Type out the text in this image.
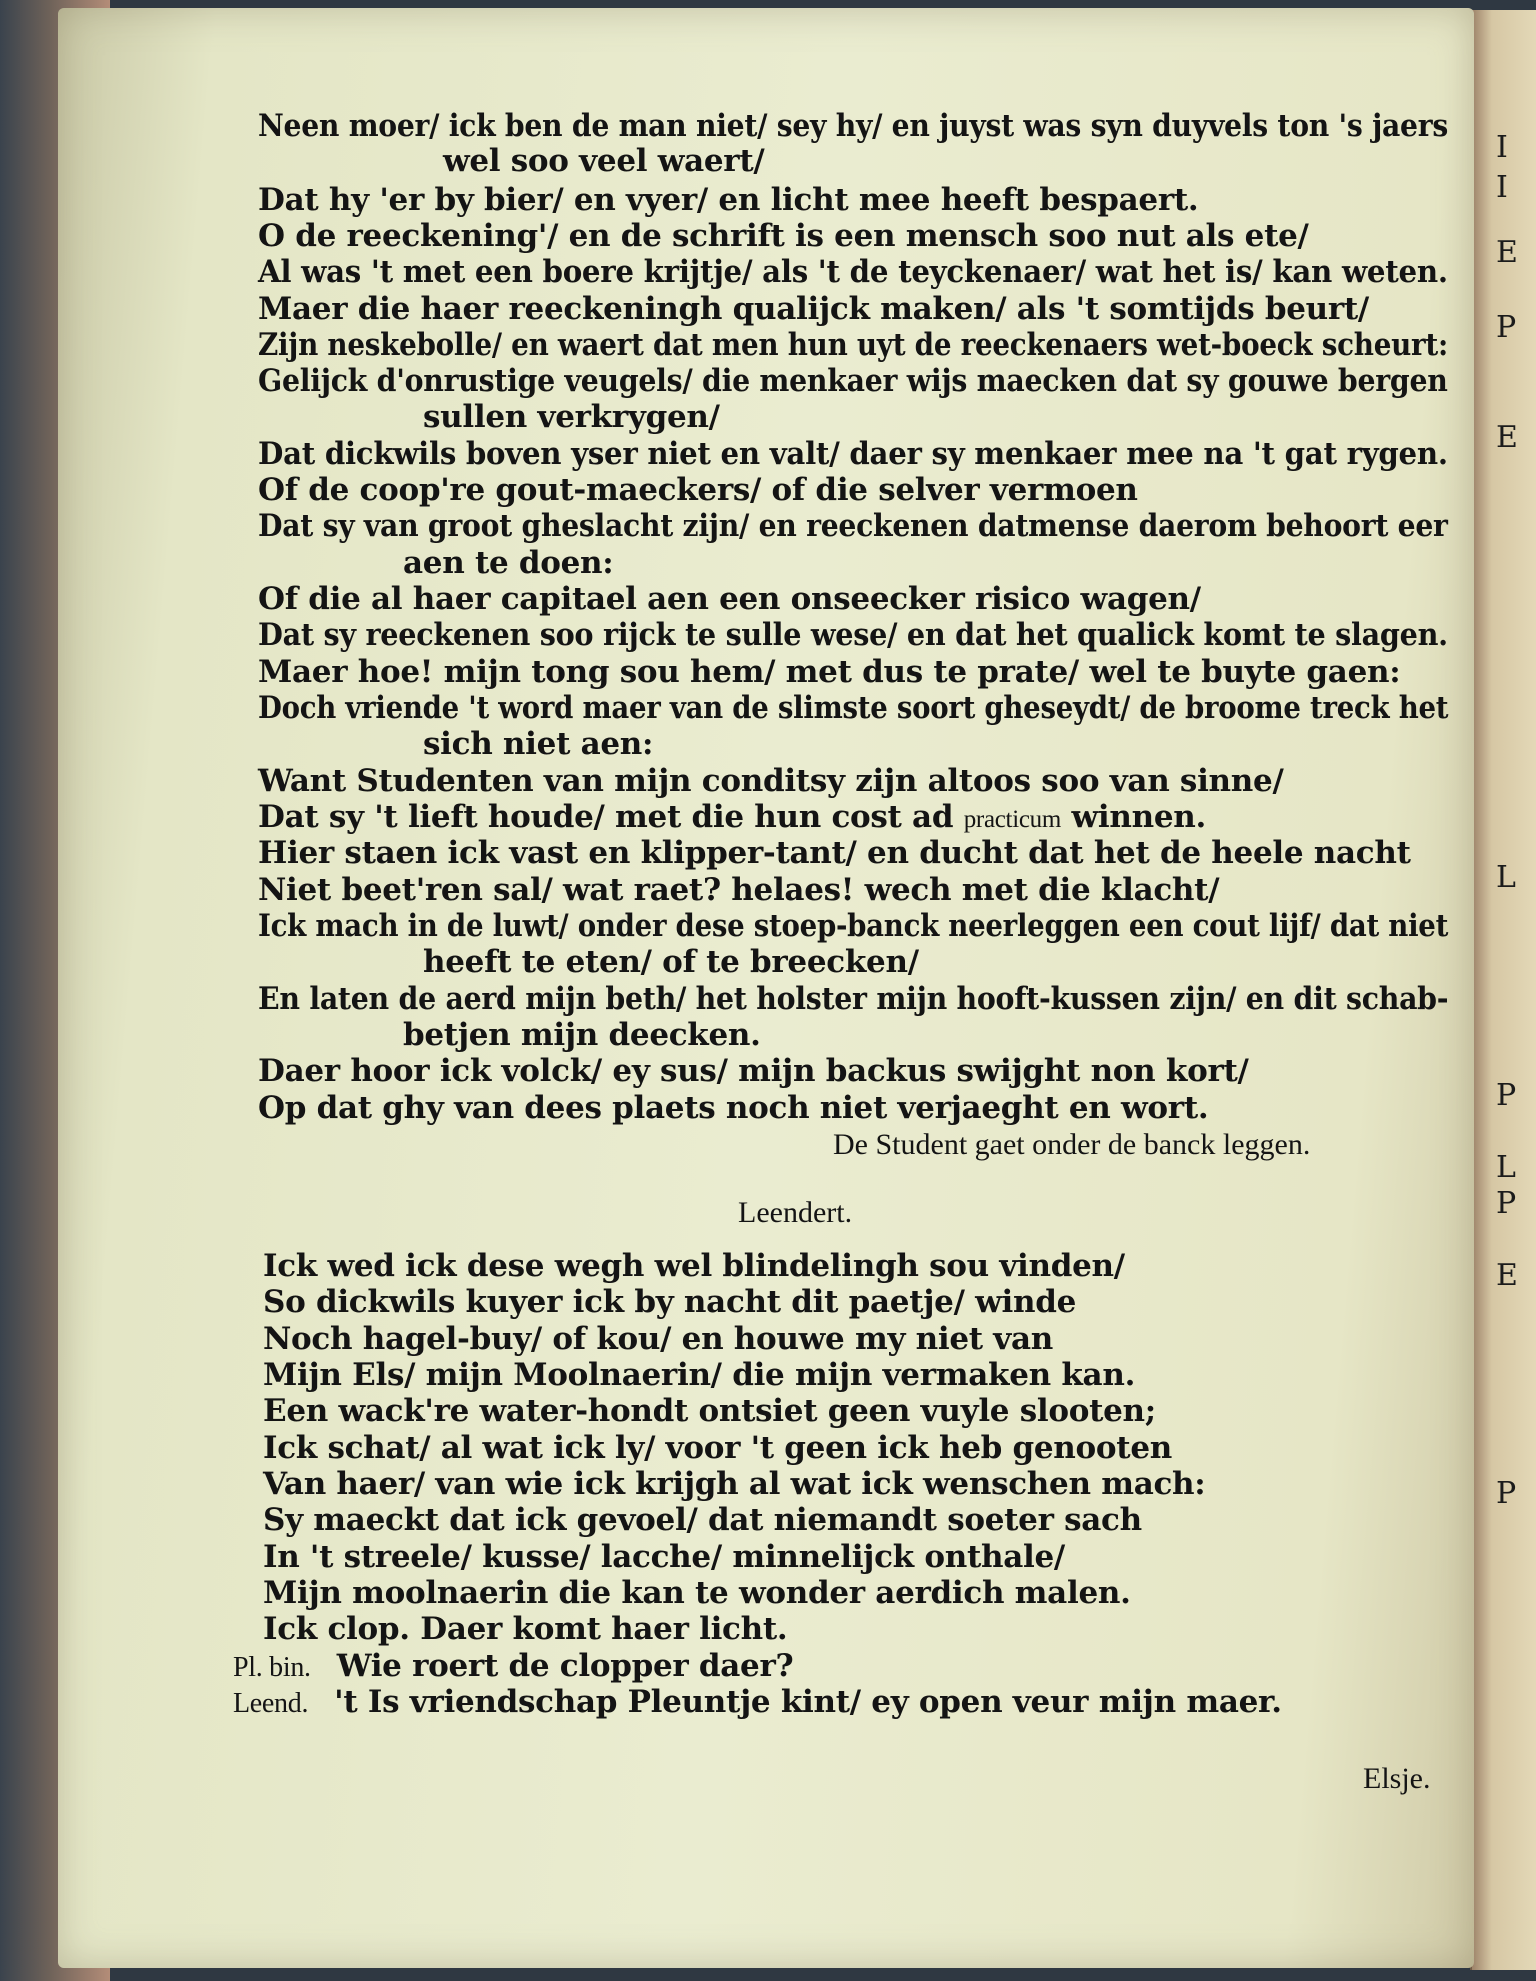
I
I
E
P
E
L
P
L
P
E
P
Neen moer/ ick ben de man niet/ sey hy/ en juyst was syn duyvels ton 's jaers
wel soo veel waert/
Dat hy 'er by bier/ en vyer/ en licht mee heeft bespaert.
O de reeckening'/ en de schrift is een mensch soo nut als ete/
Al was 't met een boere krijtje/ als 't de teyckenaer/ wat het is/ kan weten.
Maer die haer reeckeningh qualijck maken/ als 't somtijds beurt/
Zijn neskebolle/ en waert dat men hun uyt de reeckenaers wet-boeck scheurt:
Gelijck d'onrustige veugels/ die menkaer wijs maecken dat sy gouwe bergen
sullen verkrygen/
Dat dickwils boven yser niet en valt/ daer sy menkaer mee na 't gat rygen.
Of de coop're gout-maeckers/ of die selver vermoen
Dat sy van groot gheslacht zijn/ en reeckenen datmense daerom behoort eer
aen te doen:
Of die al haer capitael aen een onseecker risico wagen/
Dat sy reeckenen soo rijck te sulle wese/ en dat het qualick komt te slagen.
Maer hoe! mijn tong sou hem/ met dus te prate/ wel te buyte gaen:
Doch vriende 't word maer van de slimste soort gheseydt/ de broome treck het
sich niet aen:
Want Studenten van mijn conditsy zijn altoos soo van sinne/
Dat sy 't lieft houde/ met die hun cost ad practicum winnen.
Hier staen ick vast en klipper-tant/ en ducht dat het de heele nacht
Niet beet'ren sal/ wat raet? helaes! wech met die klacht/
Ick mach in de luwt/ onder dese stoep-banck neerleggen een cout lijf/ dat niet
heeft te eten/ of te breecken/
En laten de aerd mijn beth/ het holster mijn hooft-kussen zijn/ en dit schab-
betjen mijn deecken.
Daer hoor ick volck/ ey sus/ mijn backus swijght non kort/
Op dat ghy van dees plaets noch niet verjaeght en wort.
De Student gaet onder de banck leggen.
Leendert.
Ick wed ick dese wegh wel blindelingh sou vinden/
So dickwils kuyer ick by nacht dit paetje/ winde
Noch hagel-buy/ of kou/ en houwe my niet van
Mijn Els/ mijn Moolnaerin/ die mijn vermaken kan.
Een wack're water-hondt ontsiet geen vuyle slooten;
Ick schat/ al wat ick ly/ voor 't geen ick heb genooten
Van haer/ van wie ick krijgh al wat ick wenschen mach:
Sy maeckt dat ick gevoel/ dat niemandt soeter sach
In 't streele/ kusse/ lacche/ minnelijck onthale/
Mijn moolnaerin die kan te wonder aerdich malen.
Ick clop. Daer komt haer licht.
Pl. bin. Wie roert de clopper daer?
Leend. 't Is vriendschap Pleuntje kint/ ey open veur mijn maer.
Elsje.
